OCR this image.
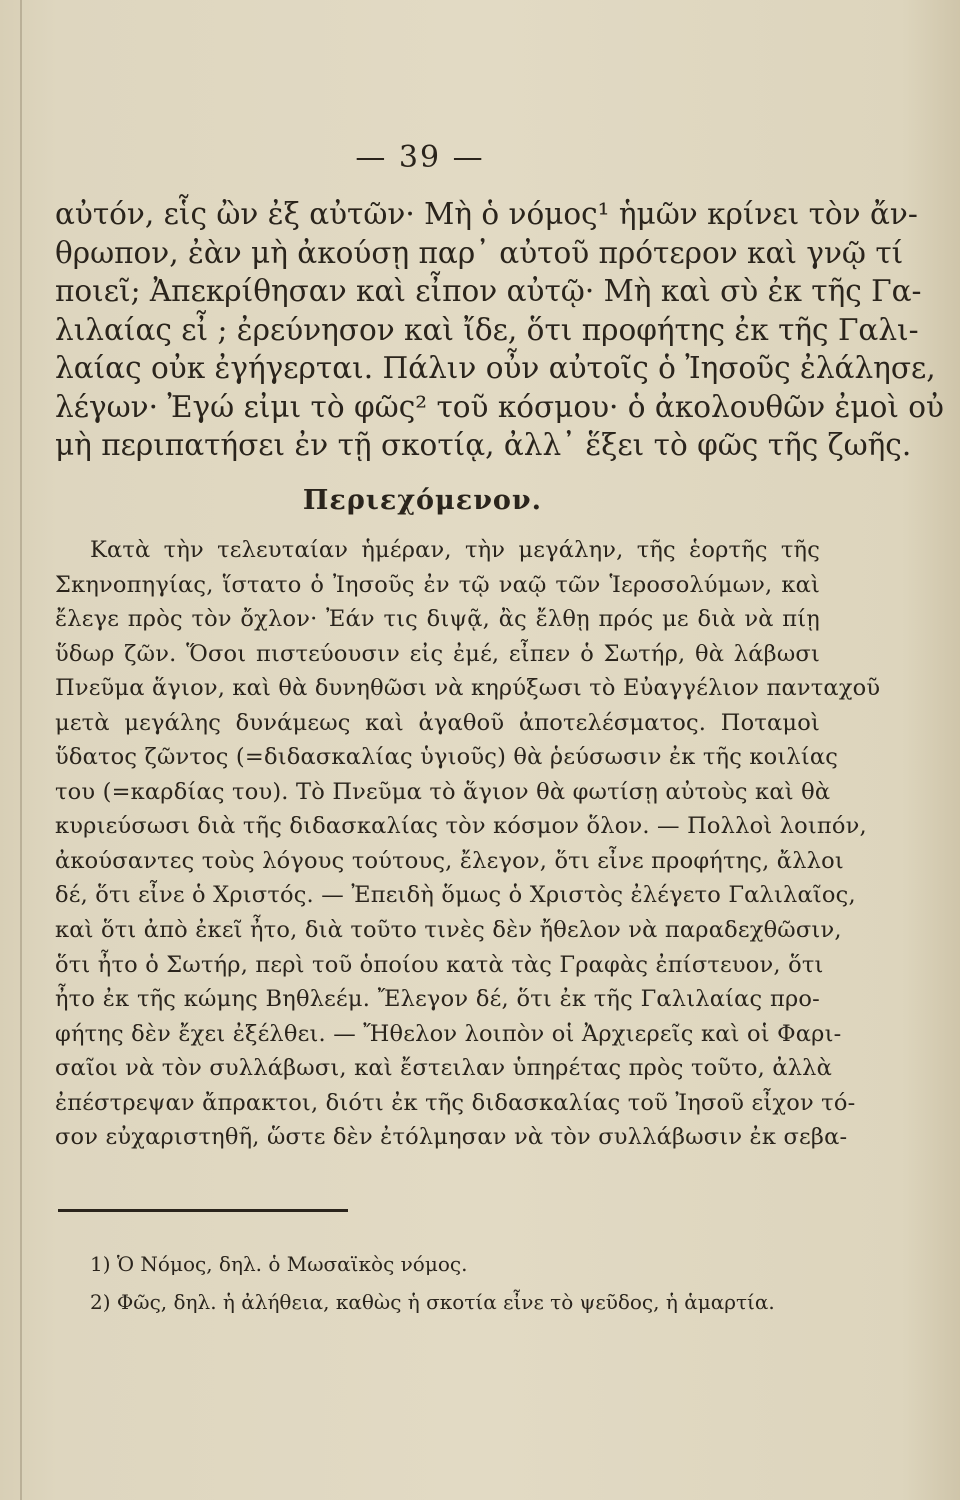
— 39 —
αὐτόν, εἷς ὢν ἐξ αὐτῶν· Μὴ ὁ νόμος¹ ἡμῶν κρίνει τὸν ἄν-
θρωπον, ἐὰν μὴ ἀκούσῃ παρ᾽ αὐτοῦ πρότερον καὶ γνῷ τί
ποιεῖ; Ἀπεκρίθησαν καὶ εἶπον αὐτῷ· Μὴ καὶ σὺ ἐκ τῆς Γα-
λιλαίας εἶ ; ἐρεύνησον καὶ ἴδε, ὅτι προφήτης ἐκ τῆς Γαλι-
λαίας οὐκ ἐγήγερται. Πάλιν οὖν αὐτοῖς ὁ Ἰησοῦς ἐλάλησε,
λέγων· Ἐγώ εἰμι τὸ φῶς² τοῦ κόσμου· ὁ ἀκολουθῶν ἐμοὶ οὐ
μὴ περιπατήσει ἐν τῇ σκοτίᾳ, ἀλλ᾽ ἕξει τὸ φῶς τῆς ζωῆς.
Περιεχόμενον.
Κατὰ τὴν τελευταίαν ἡμέραν, τὴν μεγάλην, τῆς ἑορτῆς τῆς
Σκηνοπηγίας, ἵστατο ὁ Ἰησοῦς ἐν τῷ ναῷ τῶν Ἱεροσολύμων, καὶ
ἔλεγε πρὸς τὸν ὄχλον· Ἐάν τις διψᾷ, ἂς ἔλθῃ πρός με διὰ νὰ πίῃ
ὕδωρ ζῶν. Ὅσοι πιστεύουσιν εἰς ἐμέ, εἶπεν ὁ Σωτήρ, θὰ λάβωσι
Πνεῦμα ἅγιον, καὶ θὰ δυνηθῶσι νὰ κηρύξωσι τὸ Εὐαγγέλιον πανταχοῦ
μετὰ μεγάλης δυνάμεως καὶ ἀγαθοῦ ἀποτελέσματος. Ποταμοὶ
ὕδατος ζῶντος (=διδασκαλίας ὑγιοῦς) θὰ ῥεύσωσιν ἐκ τῆς κοιλίας
του (=καρδίας του). Τὸ Πνεῦμα τὸ ἅγιον θὰ φωτίσῃ αὐτοὺς καὶ θὰ
κυριεύσωσι διὰ τῆς διδασκαλίας τὸν κόσμον ὅλον. — Πολλοὶ λοιπόν,
ἀκούσαντες τοὺς λόγους τούτους, ἔλεγον, ὅτι εἶνε προφήτης, ἄλλοι
δέ, ὅτι εἶνε ὁ Χριστός. — Ἐπειδὴ ὅμως ὁ Χριστὸς ἐλέγετο Γαλιλαῖος,
καὶ ὅτι ἀπὸ ἐκεῖ ἦτο, διὰ τοῦτο τινὲς δὲν ἤθελον νὰ παραδεχθῶσιν,
ὅτι ἦτο ὁ Σωτήρ, περὶ τοῦ ὁποίου κατὰ τὰς Γραφὰς ἐπίστευον, ὅτι
ἦτο ἐκ τῆς κώμης Βηθλεέμ. Ἔλεγον δέ, ὅτι ἐκ τῆς Γαλιλαίας προ-
φήτης δὲν ἔχει ἐξέλθει. — Ἤθελον λοιπὸν οἱ Ἀρχιερεῖς καὶ οἱ Φαρι-
σαῖοι νὰ τὸν συλλάβωσι, καὶ ἔστειλαν ὑπηρέτας πρὸς τοῦτο, ἀλλὰ
ἐπέστρεψαν ἄπρακτοι, διότι ἐκ τῆς διδασκαλίας τοῦ Ἰησοῦ εἶχον τό-
σον εὐχαριστηθῆ, ὥστε δὲν ἐτόλμησαν νὰ τὸν συλλάβωσιν ἐκ σεβα-
1) Ὁ Νόμος, δηλ. ὁ Μωσαϊκὸς νόμος.
2) Φῶς, δηλ. ἡ ἀλήθεια, καθὼς ἡ σκοτία εἶνε τὸ ψεῦδος, ἡ ἁμαρτία.
